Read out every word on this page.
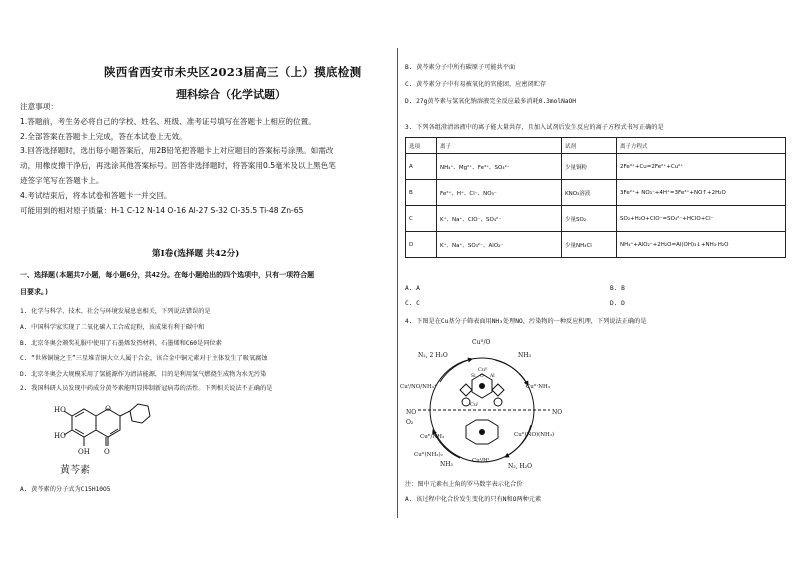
陕西省西安市未央区2023届高三（上）摸底检测
理科综合（化学试题）
注意事项：
1.答题前，考生务必将自己的学校、姓名、班级、准考证号填写在答题卡上相应的位置。
2.全部答案在答题卡上完成，答在本试卷上无效。
3.回答选择题时，选出每小题答案后，用2B铅笔把答题卡上对应题目的答案标号涂黑。如需改
动，用橡皮擦干净后，再选涂其他答案标号。回答非选择题时，将答案用0.5毫米及以上黑色笔
迹签字笔写在答题卡上。
4.考试结束后，将本试卷和答题卡一并交回。
可能用到的相对原子质量：H-1 C-12 N-14 O-16 Al-27 S-32 Cl-35.5 Ti-48 Zn-65
第Ⅰ卷(选择题 共42分)
一、选择题(本题共7小题，每小题6分，共42分。在每小题给出的四个选项中，只有一项符合题
目要求。)
1. 化学与科学、技术、社会与环境发展息息相关，下列说法错误的是
A. 中国科学家实现了二氧化碳人工合成淀粉，该成果有利于碳中和
B. 北京冬奥会颁奖礼服中使用了石墨烯发热材料，石墨烯和C60是同位素
C. “世界铜镜之王”三星堆青铜大立人属于合金，该合金中铜元素对于主体发生了吸氧腐蚀
D. 北京冬奥会大规模采用了氢能源作为清洁能源，目的是利用氢气燃烧生成物为水无污染
2. 我国科研人员发现中药成分黄芩素能明显抑制新冠病毒的活性。下列相关说法不正确的是
O
HO
HO
OH O
黄芩素
A. 黄芩素的分子式为C15H10O5
B. 黄芩素分子中所有碳原子可能共平面
C. 黄芩素分子中有易被氧化的官能团，应密闭贮存
D. 27g黄芩素与氢氧化钠溶液完全反应最多消耗0.3molNaOH
3. 下列各组澄清溶液中的离子能大量共存，且加入试剂后发生反应的离子方程式书写正确的是
选项	离子	试剂	离子方程式
A	NH₄⁺、Mg²⁺、Fe³⁺、SO₄²⁻	少量铜粉	2Fe³⁺+Cu=2Fe²⁺+Cu²⁺
B	Fe²⁺、H⁺、Cl⁻、NO₃⁻	KNO₃溶液	3Fe²⁺+ NO₃⁻+4H⁺=3Fe³⁺+NO↑+2H₂O
C	K⁺、Na⁺、ClO⁻、SO₄²⁻	少量SO₂	SO₂+H₂O+ClO⁻=SO₄²⁻+HClO+Cl⁻
D	K⁺、Na⁺、SO₃²⁻、AlO₂⁻	少量NH₄Cl	NH₄⁺+AlO₂⁻+2H₂O=Al(OH)₃↓+NH₃·H₂O
A. A	B. B
C. C	D. D
4. 下图是在Cu基分子筛表面用NH₃处理NO，污染物的一种反应机理，下列说法正确的是
Cuᴵᴵ/O
N₂, 2 H₂O	NH₃
Cuᴵᴵ
Si O Al
Cuᴵ/NO/NH₃⁺	Cuᴵᴵ·NH₃
Cuᴵ
NO
O₂
NO
Cuᴵᴵ(NO)(NH₃)
Cuᴵᴵ/NH₃
Cuᴵᴵ(NH₃)₂
NH₃	Cuᴵ/Hᴵ
N₂, H₂O
注：图中元素右上角的罗马数字表示化合价
A. 该过程中化合价发生变化的只有N和O两种元素
